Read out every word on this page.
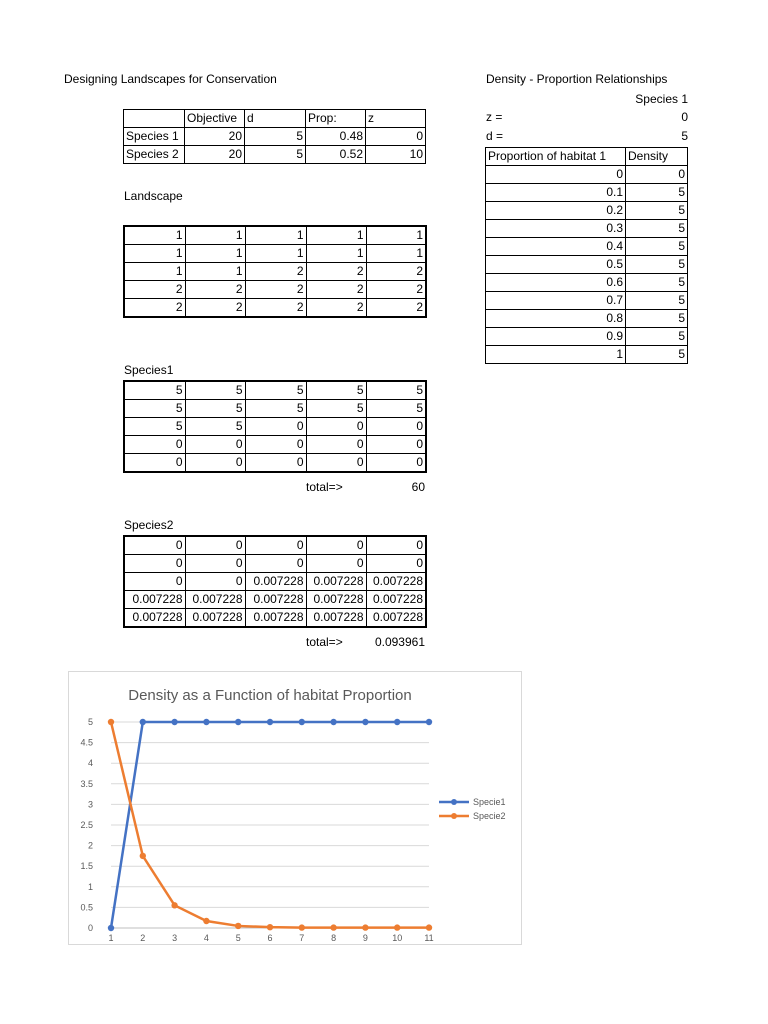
Designing Landscapes for Conservation
	Objective	d	Prop:	z
Species 1	20	5	0.48	0
Species 2	20	5	0.52	10
Landscape
1	1	1	1	1
1	1	1	1	1
1	1	2	2	2
2	2	2	2	2
2	2	2	2	2
Species1
5	5	5	5	5
5	5	5	5	5
5	5	0	0	0
0	0	0	0	0
0	0	0	0	0
total=>	60
Species2
0	0	0	0	0
0	0	0	0	0
0	0	0.007228	0.007228	0.007228
0.007228	0.007228	0.007228	0.007228	0.007228
0.007228	0.007228	0.007228	0.007228	0.007228
total=>	0.093961
Density - Proportion Relationships
Species 1
z =	0
d =	5
Proportion of habitat 1	Density
0	0
0.1	5
0.2	5
0.3	5
0.4	5
0.5	5
0.6	5
0.7	5
0.8	5
0.9	5
1	5
Density as a Function of habitat Proportion
0
0.5
1
1.5
2
2.5
3
3.5
4
4.5
5
1	2	3	4	5	6	7	8	9	10 11
Specie1
Specie2
